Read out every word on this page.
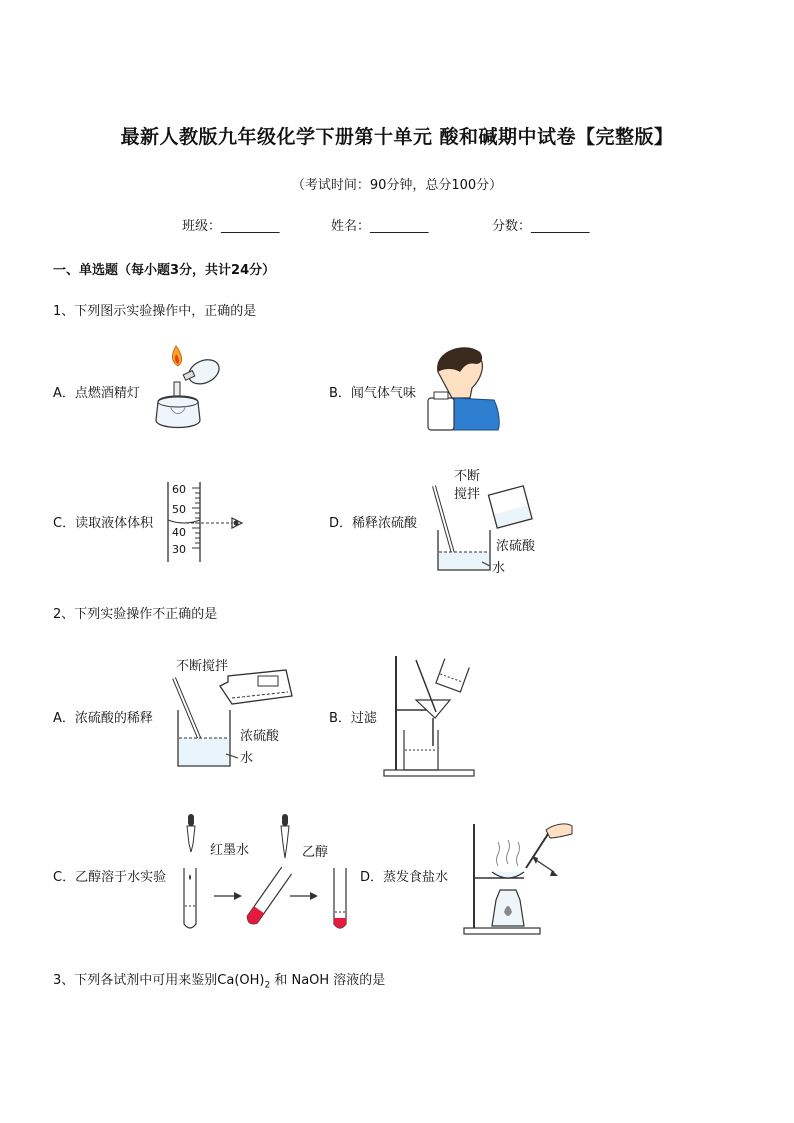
最新人教版九年级化学下册第十单元 酸和碱期中试卷【完整版】
（考试时间：90分钟，总分100分）
班级：_________	姓名：_________	分数：_________
一、单选题（每小题3分，共计24分）
1、下列图示实验操作中，正确的是
A．点燃酒精灯	B．闻气体气味
C．读取液体体积
60
50
40
30
D．稀释浓硫酸
不断
搅拌
浓硫酸
水
2、下列实验操作不正确的是
A．浓硫酸的稀释
不断搅拌
浓硫酸
水
B．过滤
C．乙醇溶于水实验
红墨水	乙醇
D．蒸发食盐水
3、下列各试剂中可用来鉴别$Ca(OH)_2$ 和 NaOH 溶液的是
